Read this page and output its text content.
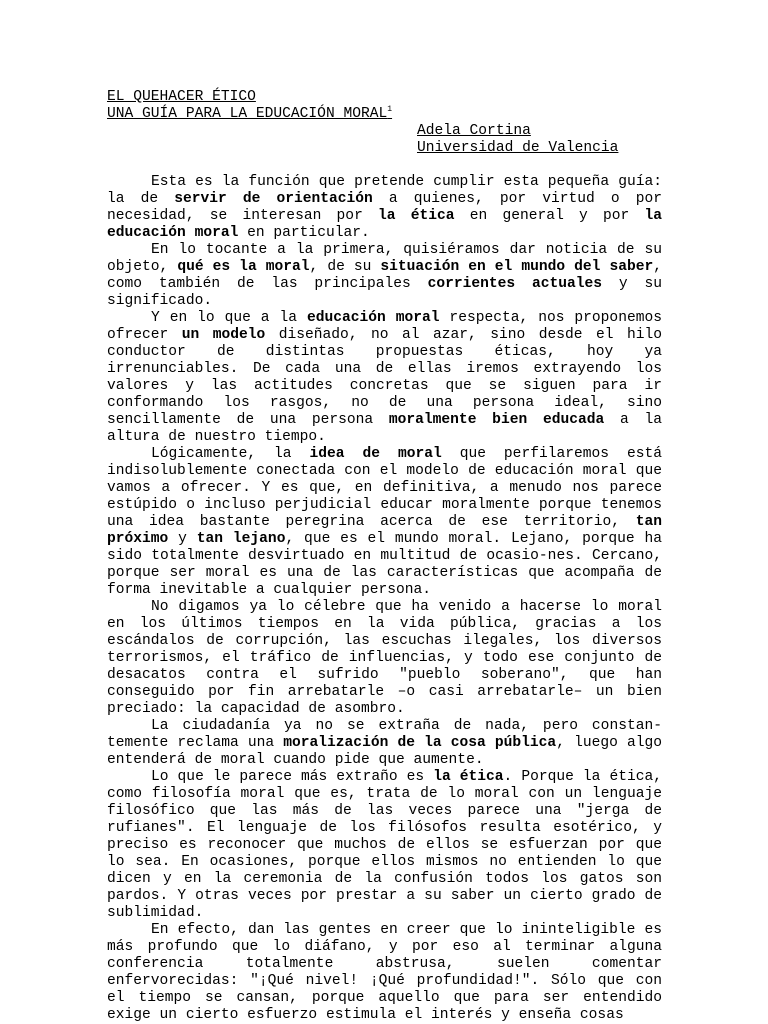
EL QUEHACER ÉTICO
UNA GUÍA PARA LA EDUCACIÓN MORAL$^1$
Adela Cortina
Universidad de Valencia

Esta es la función que pretende cumplir esta pequeña guía: la de servir de orientación a quienes, por virtud o por necesidad, se interesan por la ética en general y por la educación moral en particular.

En lo tocante a la primera, quisiéramos dar noticia de su objeto, qué es la moral, de su situación en el mundo del saber, como también de las principales corrientes actuales y su significado.

Y en lo que a la educación moral respecta, nos proponemos ofrecer un modelo diseñado, no al azar, sino desde el hilo conductor de distintas propuestas éticas, hoy ya irrenunciables. De cada una de ellas iremos extrayendo los valores y las actitudes concretas que se siguen para ir conformando los rasgos, no de una persona ideal, sino sencillamente de una persona moralmente bien educada a la altura de nuestro tiempo.

Lógicamente, la idea de moral que perfilaremos está indisolublemente conectada con el modelo de educación moral que vamos a ofrecer. Y es que, en definitiva, a menudo nos parece estúpido o incluso perjudicial educar moralmente porque tenemos una idea bastante peregrina acerca de ese territorio, tan próximo y tan lejano, que es el mundo moral. Lejano, porque ha sido totalmente desvirtuado en multitud de ocasio-nes. Cercano, porque ser moral es una de las características que acompaña de forma inevitable a cualquier persona.

No digamos ya lo célebre que ha venido a hacerse lo moral en los últimos tiempos en la vida pública, gracias a los escándalos de corrupción, las escuchas ilegales, los diversos terrorismos, el tráfico de influencias, y todo ese conjunto de desacatos contra el sufrido "pueblo soberano", que han conseguido por fin arrebatarle –o casi arrebatarle– un bien preciado: la capacidad de asombro.

La ciudadanía ya no se extraña de nada, pero constan-temente reclama una moralización de la cosa pública, luego algo entenderá de moral cuando pide que aumente.

Lo que le parece más extraño es la ética. Porque la ética, como filosofía moral que es, trata de lo moral con un lenguaje filosófico que las más de las veces parece una "jerga de rufianes". El lenguaje de los filósofos resulta esotérico, y preciso es reconocer que muchos de ellos se esfuerzan por que lo sea. En ocasiones, porque ellos mismos no entienden lo que dicen y en la ceremonia de la confusión todos los gatos son pardos. Y otras veces por prestar a su saber un cierto grado de sublimidad.

En efecto, dan las gentes en creer que lo ininteligible es más profundo que lo diáfano, y por eso al terminar alguna conferencia totalmente abstrusa, suelen comentar enfervorecidas: "¡Qué nivel! ¡Qué profundidad!". Sólo que con el tiempo se cansan, porque aquello que para ser entendido exige un cierto esfuerzo estimula el interés y enseña cosas
